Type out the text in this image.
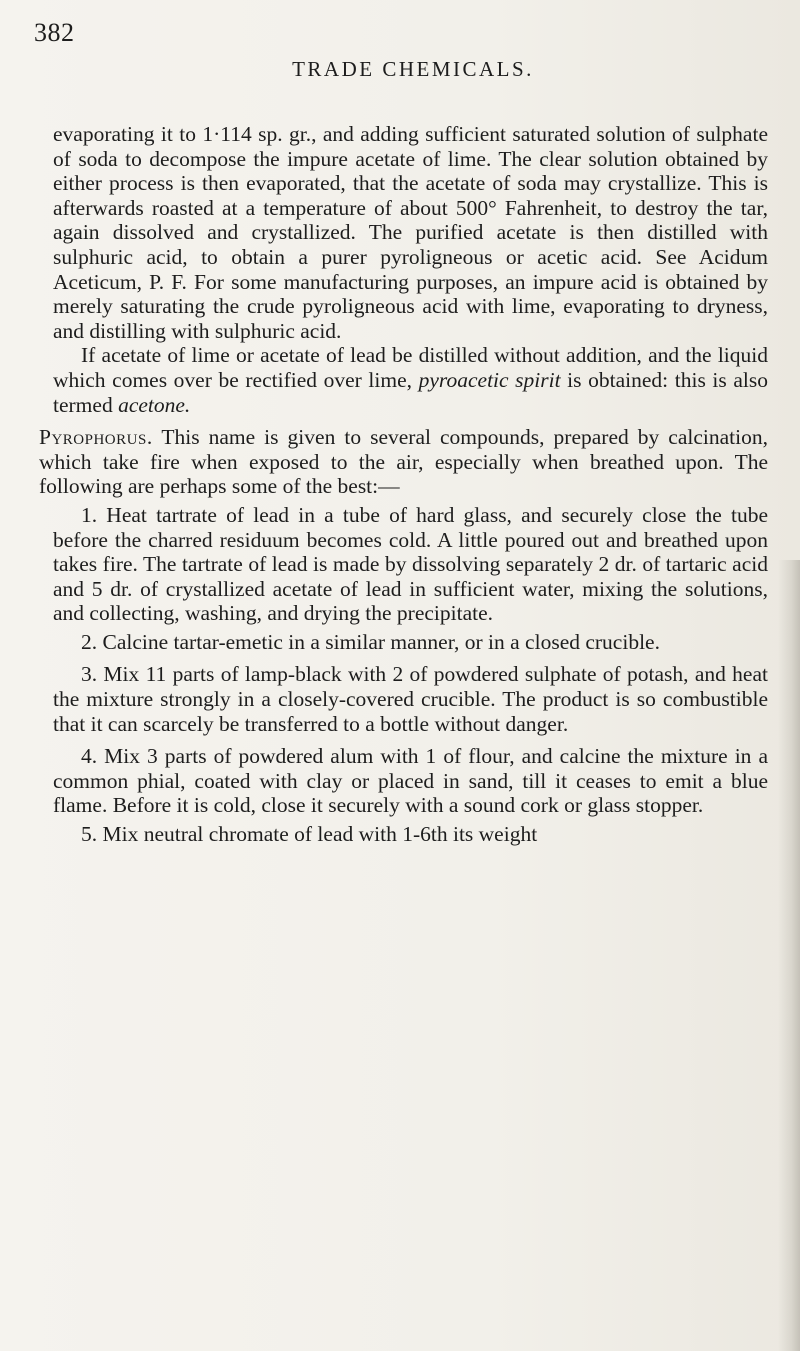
382
TRADE CHEMICALS.

evaporating it to 1·114 sp. gr., and adding sufficient saturated solution of sulphate of soda to decompose the impure acetate of lime. The clear solution obtained by either process is then evaporated, that the acetate of soda may crystallize. This is afterwards roasted at a temperature of about 500° Fahrenheit, to destroy the tar, again dissolved and crystallized. The purified acetate is then distilled with sulphuric acid, to obtain a purer pyroligneous or acetic acid. See Acidum Aceticum, P. F. For some manufacturing purposes, an impure acid is obtained by merely saturating the crude pyroligneous acid with lime, evaporating to dryness, and distilling with sulphuric acid.

If acetate of lime or acetate of lead be distilled without addition, and the liquid which comes over be rectified over lime, pyroacetic spirit is obtained: this is also termed acetone.

Pyrophorus. This name is given to several compounds, prepared by calcination, which take fire when exposed to the air, especially when breathed upon. The following are perhaps some of the best:—

1. Heat tartrate of lead in a tube of hard glass, and securely close the tube before the charred residuum becomes cold. A little poured out and breathed upon takes fire. The tartrate of lead is made by dissolving separately 2 dr. of tartaric acid and 5 dr. of crystallized acetate of lead in sufficient water, mixing the solutions, and collecting, washing, and drying the precipitate.

2. Calcine tartar-emetic in a similar manner, or in a closed crucible.

3. Mix 11 parts of lamp-black with 2 of powdered sulphate of potash, and heat the mixture strongly in a closely-covered crucible. The product is so combustible that it can scarcely be transferred to a bottle without danger.

4. Mix 3 parts of powdered alum with 1 of flour, and calcine the mixture in a common phial, coated with clay or placed in sand, till it ceases to emit a blue flame. Before it is cold, close it securely with a sound cork or glass stopper.

5. Mix neutral chromate of lead with 1-6th its weight
